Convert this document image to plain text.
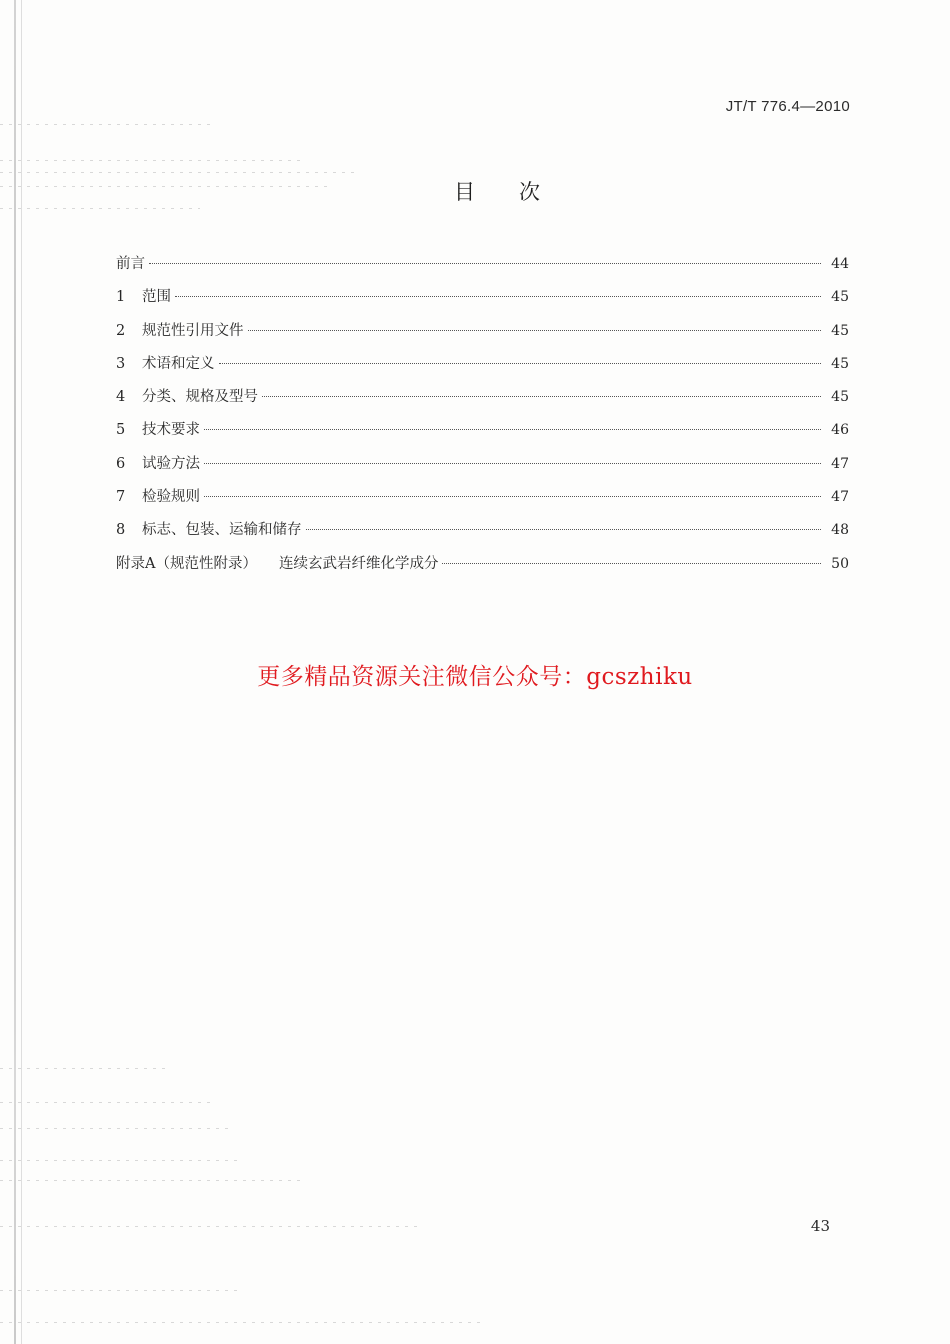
JT/T 776.4—2010
目次
前言	44
1	范围	45
2	规范性引用文件	45
3	术语和定义	45
4	分类、规格及型号	45
5	技术要求	46
6	试验方法	47
7	检验规则	47
8	标志、包装、运输和储存	48
附录A（规范性附录） 连续玄武岩纤维化学成分	50
更多精品资源关注微信公众号：gcszhiku
43
